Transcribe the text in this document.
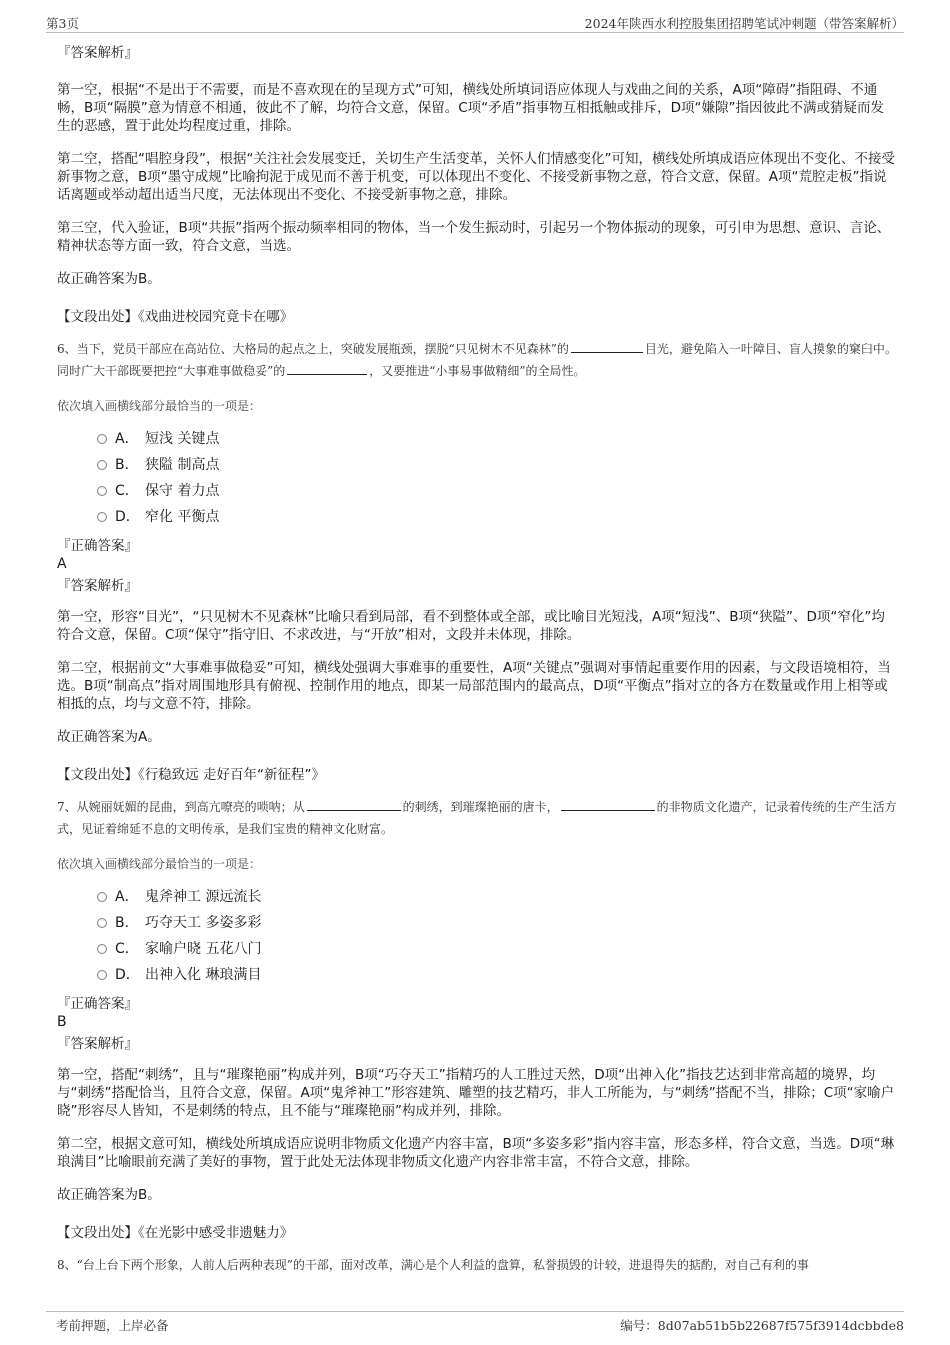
第3页	2024年陕西水利控股集团招聘笔试冲刺题（带答案解析）

『答案解析』

第一空，根据“不是出于不需要，而是不喜欢现在的呈现方式”可知，横线处所填词语应体现人与戏曲之间的关系，A项“障碍”指阻碍、不通畅，B项“隔膜”意为情意不相通，彼此不了解，均符合文意，保留。C项“矛盾”指事物互相抵触或排斥，D项“嫌隙”指因彼此不满或猜疑而发生的恶感，置于此处均程度过重，排除。

第二空，搭配“唱腔身段”，根据“关注社会发展变迁，关切生产生活变革，关怀人们情感变化”可知，横线处所填成语应体现出不变化、不接受新事物之意，B项“墨守成规”比喻拘泥于成见而不善于机变，可以体现出不变化、不接受新事物之意，符合文意，保留。A项“荒腔走板”指说话离题或举动超出适当尺度，无法体现出不变化、不接受新事物之意，排除。

第三空，代入验证，B项“共振”指两个振动频率相同的物体，当一个发生振动时，引起另一个物体振动的现象，可引申为思想、意识、言论、精神状态等方面一致，符合文意，当选。

故正确答案为B。

【文段出处】《戏曲进校园究竟卡在哪》

6、当下，党员干部应在高站位、大格局的起点之上，突破发展瓶颈，摆脱“只见树木不见森林”的	目光，避免陷入一叶障目、盲人摸象的窠臼中。同时广大干部既要把控“大事难事做稳妥”的	，又要推进“小事易事做精细”的全局性。

依次填入画横线部分最恰当的一项是：

A． 短浅 关键点
B． 狭隘 制高点
C． 保守 着力点
D． 窄化 平衡点

『正确答案』

A

『答案解析』

第一空，形容“目光”，“只见树木不见森林”比喻只看到局部，看不到整体或全部，或比喻目光短浅，A项“短浅”、B项“狭隘”、D项“窄化”均符合文意，保留。C项“保守”指守旧、不求改进，与“开放”相对，文段并未体现，排除。

第二空，根据前文“大事难事做稳妥”可知，横线处强调大事难事的重要性，A项“关键点”强调对事情起重要作用的因素，与文段语境相符，当选。B项“制高点”指对周围地形具有俯视、控制作用的地点，即某一局部范围内的最高点，D项“平衡点”指对立的各方在数量或作用上相等或相抵的点，均与文意不符，排除。

故正确答案为A。

【文段出处】《行稳致远 走好百年“新征程”》

7、从婉丽妩媚的昆曲，到高亢嘹亮的唢呐；从	的刺绣，到璀璨艳丽的唐卡，	的非物质文化遗产，记录着传统的生产生活方式，见证着绵延不息的文明传承，是我们宝贵的精神文化财富。

依次填入画横线部分最恰当的一项是：

A． 鬼斧神工 源远流长
B． 巧夺天工 多姿多彩
C． 家喻户晓 五花八门
D． 出神入化 琳琅满目

『正确答案』

B

『答案解析』

第一空，搭配“刺绣”，且与“璀璨艳丽”构成并列，B项“巧夺天工”指精巧的人工胜过天然，D项“出神入化”指技艺达到非常高超的境界，均与“刺绣”搭配恰当，且符合文意，保留。A项“鬼斧神工”形容建筑、雕塑的技艺精巧，非人工所能为，与“刺绣”搭配不当，排除；C项“家喻户晓”形容尽人皆知，不是刺绣的特点，且不能与“璀璨艳丽”构成并列，排除。

第二空，根据文意可知，横线处所填成语应说明非物质文化遗产内容丰富，B项“多姿多彩”指内容丰富，形态多样，符合文意，当选。D项“琳琅满目”比喻眼前充满了美好的事物，置于此处无法体现非物质文化遗产内容非常丰富，不符合文意，排除。

故正确答案为B。

【文段出处】《在光影中感受非遗魅力》

8、“台上台下两个形象，人前人后两种表现”的干部，面对改革，满心是个人利益的盘算，私誉损毁的计较，进退得失的掂酌，对自己有利的事

考前押题，上岸必备	编号：8d07ab51b5b22687f575f3914dcbbde8
